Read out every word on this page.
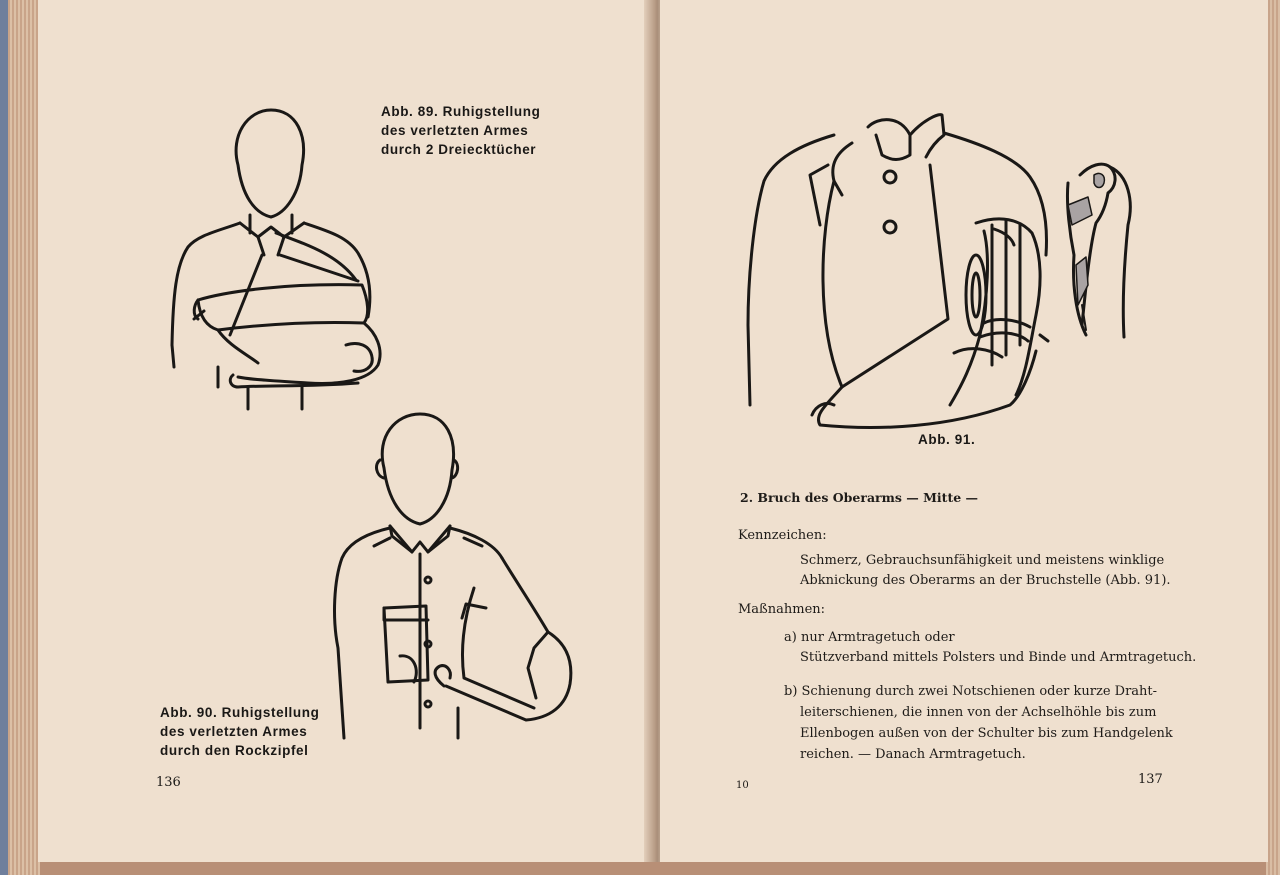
Abb. 89. Ruhigstellung
des verletzten Armes
durch 2 Dreiecktücher
Abb. 90. Ruhigstellung
des verletzten Armes
durch den Rockzipfel
136
Abb. 91.
2. Bruch des Oberarms — Mitte —
Kennzeichen:
Schmerz, Gebrauchsunfähigkeit und meistens winklige
Abknickung des Oberarms an der Bruchstelle (Abb. 91).
Maßnahmen:
a) nur Armtragetuch oder
Stützverband mittels Polsters und Binde und Armtragetuch.
b) Schienung durch zwei Notschienen oder kurze Draht-
leiterschienen, die innen von der Achselhöhle bis zum
Ellenbogen außen von der Schulter bis zum Handgelenk
reichen. — Danach Armtragetuch.
10	137
